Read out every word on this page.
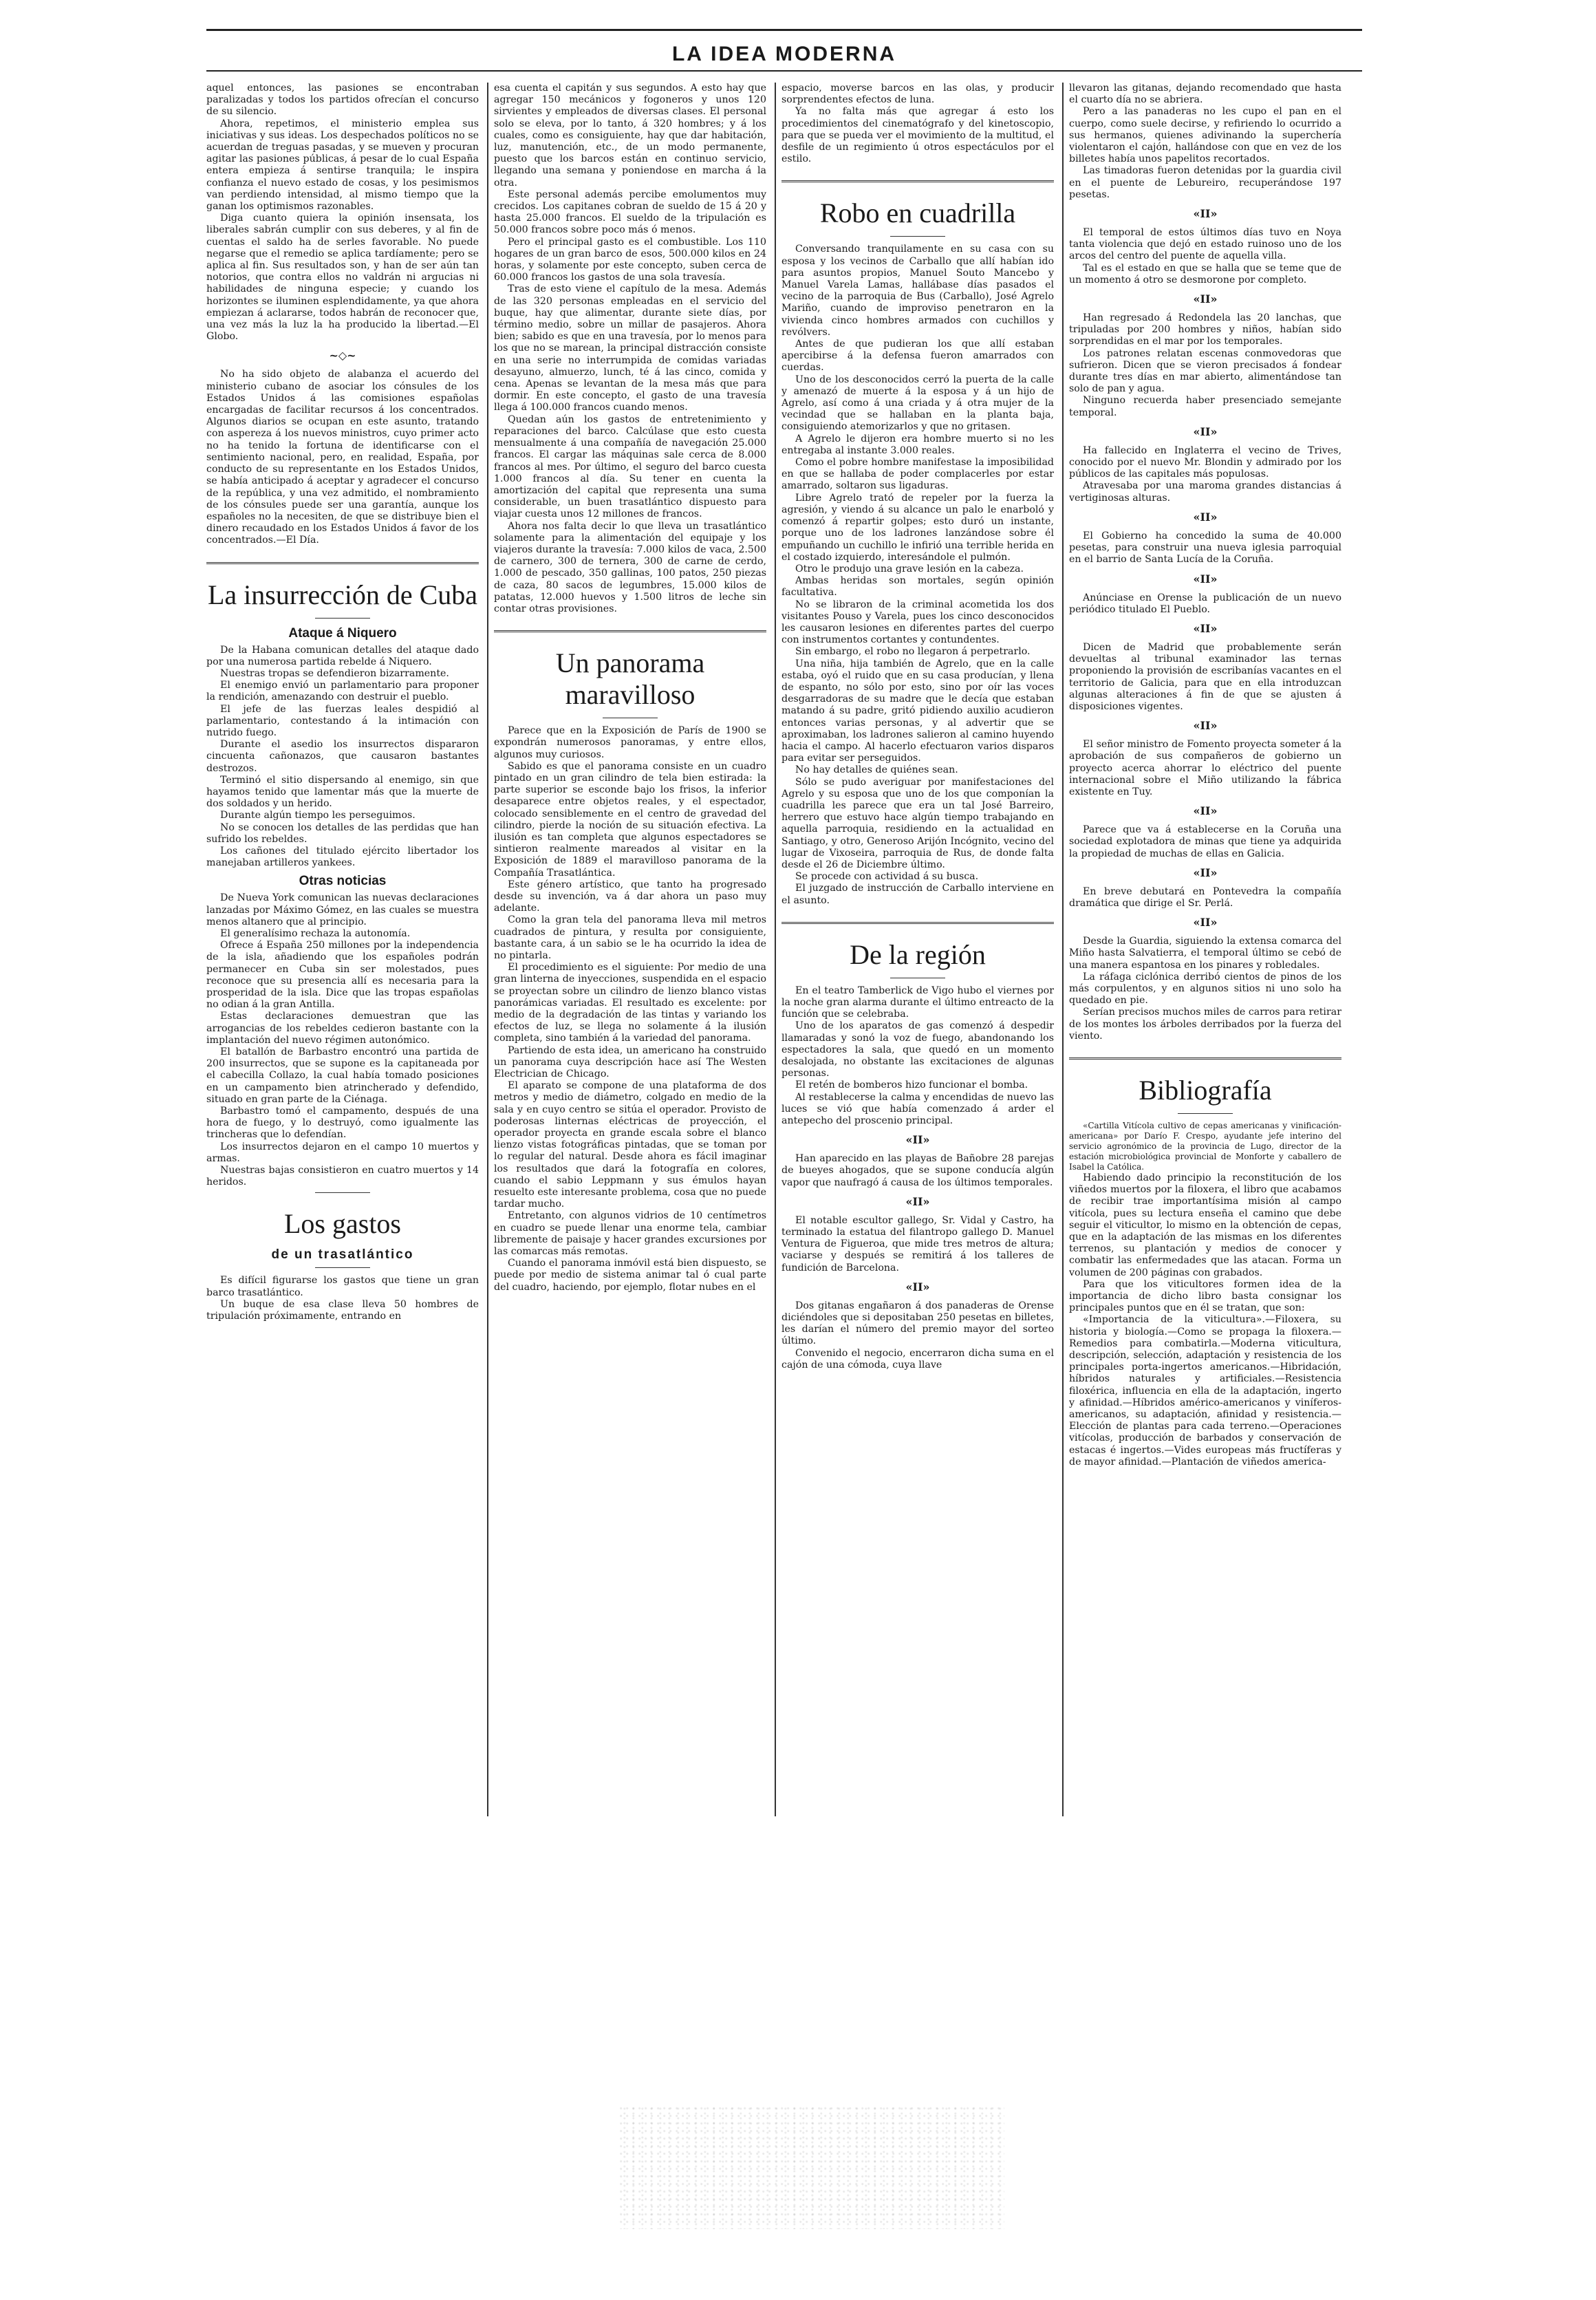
LA IDEA MODERNA

aquel entonces, las pasiones se encontraban paralizadas y todos los partidos ofrecían el concurso de su silencio.

Ahora, repetimos, el ministerio emplea sus iniciativas y sus ideas. Los despechados políticos no se acuerdan de treguas pasadas, y se mueven y procuran agitar las pasiones públicas, á pesar de lo cual España entera empieza á sentirse tranquila; le inspira confianza el nuevo estado de cosas, y los pesimismos van perdiendo intensidad, al mismo tiempo que la ganan los optimismos razonables.

Diga cuanto quiera la opinión insensata, los liberales sabrán cumplir con sus deberes, y al fin de cuentas el saldo ha de serles favorable. No puede negarse que el remedio se aplica tardíamente; pero se aplica al fin. Sus resultados son, y han de ser aún tan notorios, que contra ellos no valdrán ni argucias ni habilidades de ninguna especie; y cuando los horizontes se iluminen esplendidamente, ya que ahora empiezan á aclararse, todos habrán de reconocer que, una vez más la luz la ha producido la libertad.—El Globo.

~◇~

No ha sido objeto de alabanza el acuerdo del ministerio cubano de asociar los cónsules de los Estados Unidos á las comisiones españolas encargadas de facilitar recursos á los concentrados. Algunos diarios se ocupan en este asunto, tratando con aspereza á los nuevos ministros, cuyo primer acto no ha tenido la fortuna de identificarse con el sentimiento nacional, pero, en realidad, España, por conducto de su representante en los Estados Unidos, se había anticipado á aceptar y agradecer el concurso de la república, y una vez admitido, el nombramiento de los cónsules puede ser una garantía, aunque los españoles no la necesiten, de que se distribuye bien el dinero recaudado en los Estados Unidos á favor de los concentrados.—El Día.

La insurrección de Cuba
Ataque á Niquero

De la Habana comunican detalles del ataque dado por una numerosa partida rebelde á Niquero.

Nuestras tropas se defendieron bizarramente.

El enemigo envió un parlamentario para proponer la rendición, amenazando con destruir el pueblo.

El jefe de las fuerzas leales despidió al parlamentario, contestando á la intimación con nutrido fuego.

Durante el asedio los insurrectos dispararon cincuenta cañonazos, que causaron bastantes destrozos.

Terminó el sitio dispersando al enemigo, sin que hayamos tenido que lamentar más que la muerte de dos soldados y un herido.

Durante algún tiempo les perseguimos.

No se conocen los detalles de las perdidas que han sufrido los rebeldes.

Los cañones del titulado ejército libertador los manejaban artilleros yankees.

Otras noticias

De Nueva York comunican las nuevas declaraciones lanzadas por Máximo Gómez, en las cuales se muestra menos altanero que al principio.

El generalísimo rechaza la autonomía.

Ofrece á España 250 millones por la independencia de la isla, añadiendo que los españoles podrán permanecer en Cuba sin ser molestados, pues reconoce que su presencia allí es necesaria para la prosperidad de la isla. Dice que las tropas españolas no odian á la gran Antilla.

Estas declaraciones demuestran que las arrogancias de los rebeldes cedieron bastante con la implantación del nuevo régimen autonómico.

El batallón de Barbastro encontró una partida de 200 insurrectos, que se supone es la capitaneada por el cabecilla Collazo, la cual había tomado posiciones en un campamento bien atrincherado y defendido, situado en gran parte de la Ciénaga.

Barbastro tomó el campamento, después de una hora de fuego, y lo destruyó, como igualmente las trincheras que lo defendían.

Los insurrectos dejaron en el campo 10 muertos y armas.

Nuestras bajas consistieron en cuatro muertos y 14 heridos.

Los gastos
de un trasatlántico

Es difícil figurarse los gastos que tiene un gran barco trasatlántico.

Un buque de esa clase lleva 50 hombres de tripulación próximamente, entrando en

esa cuenta el capitán y sus segundos. A esto hay que agregar 150 mecánicos y fogoneros y unos 120 sirvientes y empleados de diversas clases. El personal solo se eleva, por lo tanto, á 320 hombres; y á los cuales, como es consiguiente, hay que dar habitación, luz, manutención, etc., de un modo permanente, puesto que los barcos están en continuo servicio, llegando una semana y poniendose en marcha á la otra.

Este personal además percibe emolumentos muy crecidos. Los capitanes cobran de sueldo de 15 á 20 y hasta 25.000 francos. El sueldo de la tripulación es 50.000 francos sobre poco más ó menos.

Pero el principal gasto es el combustible. Los 110 hogares de un gran barco de esos, 500.000 kilos en 24 horas, y solamente por este concepto, suben cerca de 60.000 francos los gastos de una sola travesía.

Tras de esto viene el capítulo de la mesa. Además de las 320 personas empleadas en el servicio del buque, hay que alimentar, durante siete días, por término medio, sobre un millar de pasajeros. Ahora bien; sabido es que en una travesía, por lo menos para los que no se marean, la principal distracción consiste en una serie no interrumpida de comidas variadas desayuno, almuerzo, lunch, té á las cinco, comida y cena. Apenas se levantan de la mesa más que para dormir. En este concepto, el gasto de una travesía llega á 100.000 francos cuando menos.

Quedan aún los gastos de entretenimiento y reparaciones del barco. Calcúlase que esto cuesta mensualmente á una compañía de navegación 25.000 francos. El cargar las máquinas sale cerca de 8.000 francos al mes. Por último, el seguro del barco cuesta 1.000 francos al día. Su tener en cuenta la amortización del capital que representa una suma considerable, un buen trasatlántico dispuesto para viajar cuesta unos 12 millones de francos.

Ahora nos falta decir lo que lleva un trasatlántico solamente para la alimentación del equipaje y los viajeros durante la travesía: 7.000 kilos de vaca, 2.500 de carnero, 300 de ternera, 300 de carne de cerdo, 1.000 de pescado, 350 gallinas, 100 patos, 250 piezas de caza, 80 sacos de legumbres, 15.000 kilos de patatas, 12.000 huevos y 1.500 litros de leche sin contar otras provisiones.

Un panorama maravilloso

Parece que en la Exposición de París de 1900 se expondrán numerosos panoramas, y entre ellos, algunos muy curiosos.

Sabido es que el panorama consiste en un cuadro pintado en un gran cilindro de tela bien estirada: la parte superior se esconde bajo los frisos, la inferior desaparece entre objetos reales, y el espectador, colocado sensiblemente en el centro de gravedad del cilindro, pierde la noción de su situación efectiva. La ilusión es tan completa que algunos espectadores se sintieron realmente mareados al visitar en la Exposición de 1889 el maravilloso panorama de la Compañía Trasatlántica.

Este género artístico, que tanto ha progresado desde su invención, va á dar ahora un paso muy adelante.

Como la gran tela del panorama lleva mil metros cuadrados de pintura, y resulta por consiguiente, bastante cara, á un sabio se le ha ocurrido la idea de no pintarla.

El procedimiento es el siguiente: Por medio de una gran linterna de inyecciones, suspendida en el espacio se proyectan sobre un cilindro de lienzo blanco vistas panorámicas variadas. El resultado es excelente: por medio de la degradación de las tintas y variando los efectos de luz, se llega no solamente á la ilusión completa, sino también á la variedad del panorama.

Partiendo de esta idea, un americano ha construido un panorama cuya descripción hace así The Westen Electrician de Chicago.

El aparato se compone de una plataforma de dos metros y medio de diámetro, colgado en medio de la sala y en cuyo centro se sitúa el operador. Provisto de poderosas linternas eléctricas de proyección, el operador proyecta en grande escala sobre el blanco lienzo vistas fotográficas pintadas, que se toman por lo regular del natural. Desde ahora es fácil imaginar los resultados que dará la fotografía en colores, cuando el sabio Leppmann y sus émulos hayan resuelto este interesante problema, cosa que no puede tardar mucho.

Entretanto, con algunos vidrios de 10 centímetros en cuadro se puede llenar una enorme tela, cambiar libremente de paisaje y hacer grandes excursiones por las comarcas más remotas.

Cuando el panorama inmóvil está bien dispuesto, se puede por medio de sistema animar tal ó cual parte del cuadro, haciendo, por ejemplo, flotar nubes en el

espacio, moverse barcos en las olas, y producir sorprendentes efectos de luna.

Ya no falta más que agregar á esto los procedimientos del cinematógrafo y del kinetoscopio, para que se pueda ver el movimiento de la multitud, el desfile de un regimiento ú otros espectáculos por el estilo.

Robo en cuadrilla

Conversando tranquilamente en su casa con su esposa y los vecinos de Carballo que allí habían ido para asuntos propios, Manuel Souto Mancebo y Manuel Varela Lamas, hallábase días pasados el vecino de la parroquia de Bus (Carballo), José Agrelo Mariño, cuando de improviso penetraron en la vivienda cinco hombres armados con cuchillos y revólvers.

Antes de que pudieran los que allí estaban apercibirse á la defensa fueron amarrados con cuerdas.

Uno de los desconocidos cerró la puerta de la calle y amenazó de muerte á la esposa y á un hijo de Agrelo, así como á una criada y á otra mujer de la vecindad que se hallaban en la planta baja, consiguiendo atemorizarlos y que no gritasen.

A Agrelo le dijeron era hombre muerto si no les entregaba al instante 3.000 reales.

Como el pobre hombre manifestase la imposibilidad en que se hallaba de poder complacerles por estar amarrado, soltaron sus ligaduras.

Libre Agrelo trató de repeler por la fuerza la agresión, y viendo á su alcance un palo le enarboló y comenzó á repartir golpes; esto duró un instante, porque uno de los ladrones lanzándose sobre él empuñando un cuchillo le infirió una terrible herida en el costado izquierdo, interesándole el pulmón.

Otro le produjo una grave lesión en la cabeza.

Ambas heridas son mortales, según opinión facultativa.

No se libraron de la criminal acometida los dos visitantes Pouso y Varela, pues los cinco desconocidos les causaron lesiones en diferentes partes del cuerpo con instrumentos cortantes y contundentes.

Sin embargo, el robo no llegaron á perpetrarlo.

Una niña, hija también de Agrelo, que en la calle estaba, oyó el ruido que en su casa producían, y llena de espanto, no sólo por esto, sino por oír las voces desgarradoras de su madre que le decía que estaban matando á su padre, gritó pidiendo auxilio acudieron entonces varias personas, y al advertir que se aproximaban, los ladrones salieron al camino huyendo hacia el campo. Al hacerlo efectuaron varios disparos para evitar ser perseguidos.

No hay detalles de quiénes sean.

Sólo se pudo averiguar por manifestaciones del Agrelo y su esposa que uno de los que componían la cuadrilla les parece que era un tal José Barreiro, herrero que estuvo hace algún tiempo trabajando en aquella parroquia, residiendo en la actualidad en Santiago, y otro, Generoso Arijón Incógnito, vecino del lugar de Vixoseira, parroquia de Rus, de donde falta desde el 26 de Diciembre último.

Se procede con actividad á su busca.

El juzgado de instrucción de Carballo interviene en el asunto.

De la región

En el teatro Tamberlick de Vigo hubo el viernes por la noche gran alarma durante el último entreacto de la función que se celebraba.

Uno de los aparatos de gas comenzó á despedir llamaradas y sonó la voz de fuego, abandonando los espectadores la sala, que quedó en un momento desalojada, no obstante las excitaciones de algunas personas.

El retén de bomberos hizo funcionar el bomba.

Al restablecerse la calma y encendidas de nuevo las luces se vió que había comenzado á arder el antepecho del proscenio principal.

«II»

Han aparecido en las playas de Bañobre 28 parejas de bueyes ahogados, que se supone conducía algún vapor que naufragó á causa de los últimos temporales.

«II»

El notable escultor gallego, Sr. Vidal y Castro, ha terminado la estatua del filantropo gallego D. Manuel Ventura de Figueroa, que mide tres metros de altura; vaciarse y después se remitirá á los talleres de fundición de Barcelona.

«II»

Dos gitanas engañaron á dos panaderas de Orense diciéndoles que si depositaban 250 pesetas en billetes, les darían el número del premio mayor del sorteo último.

Convenido el negocio, encerraron dicha suma en el cajón de una cómoda, cuya llave

llevaron las gitanas, dejando recomendado que hasta el cuarto día no se abriera.

Pero a las panaderas no les cupo el pan en el cuerpo, como suele decirse, y refiriendo lo ocurrido a sus hermanos, quienes adivinando la superchería violentaron el cajón, hallándose con que en vez de los billetes había unos papelitos recortados.

Las timadoras fueron detenidas por la guardia civil en el puente de Lebureiro, recuperándose 197 pesetas.

«II»

El temporal de estos últimos días tuvo en Noya tanta violencia que dejó en estado ruinoso uno de los arcos del centro del puente de aquella villa.

Tal es el estado en que se halla que se teme que de un momento á otro se desmorone por completo.

«II»

Han regresado á Redondela las 20 lanchas, que tripuladas por 200 hombres y niños, habían sido sorprendidas en el mar por los temporales.

Los patrones relatan escenas conmovedoras que sufrieron. Dicen que se vieron precisados á fondear durante tres días en mar abierto, alimentándose tan solo de pan y agua.

Ninguno recuerda haber presenciado semejante temporal.

«II»

Ha fallecido en Inglaterra el vecino de Trives, conocido por el nuevo Mr. Blondin y admirado por los públicos de las capitales más populosas.

Atravesaba por una maroma grandes distancias á vertiginosas alturas.

«II»

El Gobierno ha concedido la suma de 40.000 pesetas, para construir una nueva iglesia parroquial en el barrio de Santa Lucía de la Coruña.

«II»

Anúnciase en Orense la publicación de un nuevo periódico titulado El Pueblo.

«II»

Dicen de Madrid que probablemente serán devueltas al tribunal examinador las ternas proponiendo la provisión de escribanías vacantes en el territorio de Galicia, para que en ella introduzcan algunas alteraciones á fin de que se ajusten á disposiciones vigentes.

«II»

El señor ministro de Fomento proyecta someter á la aprobación de sus compañeros de gobierno un proyecto acerca ahorrar lo eléctrico del puente internacional sobre el Miño utilizando la fábrica existente en Tuy.

«II»

Parece que va á establecerse en la Coruña una sociedad explotadora de minas que tiene ya adquirida la propiedad de muchas de ellas en Galicia.

«II»

En breve debutará en Pontevedra la compañía dramática que dirige el Sr. Perlá.

«II»

Desde la Guardia, siguiendo la extensa comarca del Miño hasta Salvatierra, el temporal último se cebó de una manera espantosa en los pinares y robledales.

La ráfaga ciclónica derribó cientos de pinos de los más corpulentos, y en algunos sitios ni uno solo ha quedado en pie.

Serían precisos muchos miles de carros para retirar de los montes los árboles derribados por la fuerza del viento.

Bibliografía

«Cartilla Vitícola cultivo de cepas americanas y vinificación-americana» por Darío F. Crespo, ayudante jefe interino del servicio agronómico de la provincia de Lugo, director de la estación microbiológica provincial de Monforte y caballero de Isabel la Católica.

Habiendo dado principio la reconstitución de los viñedos muertos por la filoxera, el libro que acabamos de recibir trae importantísima misión al campo vitícola, pues su lectura enseña el camino que debe seguir el viticultor, lo mismo en la obtención de cepas, que en la adaptación de las mismas en los diferentes terrenos, su plantación y medios de conocer y combatir las enfermedades que las atacan. Forma un volumen de 200 páginas con grabados.

Para que los viticultores formen idea de la importancia de dicho libro basta consignar los principales puntos que en él se tratan, que son:

«Importancia de la viticultura».—Filoxera, su historia y biología.—Como se propaga la filoxera.—Remedios para combatirla.—Moderna viticultura, descripción, selección, adaptación y resistencia de los principales porta-ingertos americanos.—Hibridación, híbridos naturales y artificiales.—Resistencia filoxérica, influencia en ella de la adaptación, ingerto y afinidad.—Híbridos américo-americanos y viníferos-americanos, su adaptación, afinidad y resistencia.—Elección de plantas para cada terreno.—Operaciones vitícolas, producción de barbados y conservación de estacas é ingertos.—Vides europeas más fructíferas y de mayor afinidad.—Plantación de viñedos america-
